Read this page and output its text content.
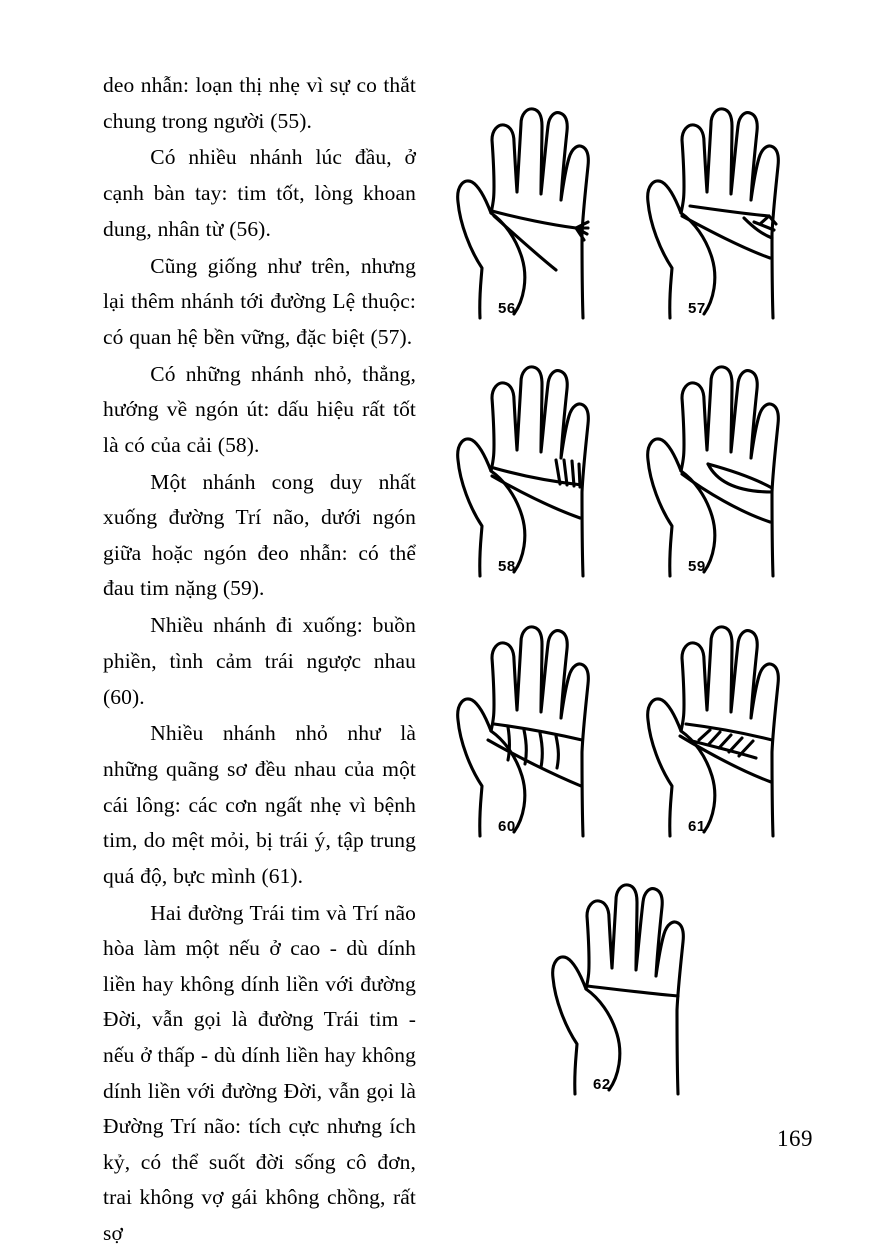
deo nhẫn: loạn thị nhẹ vì sự co thắt chung trong người (55).

Có nhiều nhánh lúc đầu, ở cạnh bàn tay: tim tốt, lòng khoan dung, nhân từ (56).

Cũng giống như trên, nhưng lại thêm nhánh tới đường Lệ thuộc: có quan hệ bền vững, đặc biệt (57).

Có những nhánh nhỏ, thẳng, hướng về ngón út: dấu hiệu rất tốt là có của cải (58).

Một nhánh cong duy nhất xuống đường Trí não, dưới ngón giữa hoặc ngón đeo nhẫn: có thể đau tim nặng (59).

Nhiều nhánh đi xuống: buồn phiền, tình cảm trái ngược nhau (60).

Nhiều nhánh nhỏ như là những quãng sơ đều nhau của một cái lông: các cơn ngất nhẹ vì bệnh tim, do mệt mỏi, bị trái ý, tập trung quá độ, bực mình (61).

Hai đường Trái tim và Trí não hòa làm một nếu ở cao - dù dính liền hay không dính liền với đường Đời, vẫn gọi là đường Trái tim - nếu ở thấp - dù dính liền hay không dính liền với đường Đời, vẫn gọi là Đường Trí não: tích cực nhưng ích kỷ, có thể suốt đời sống cô đơn, trai không vợ gái không chồng, rất sợ

56	57
58	59
60	61
62
169
